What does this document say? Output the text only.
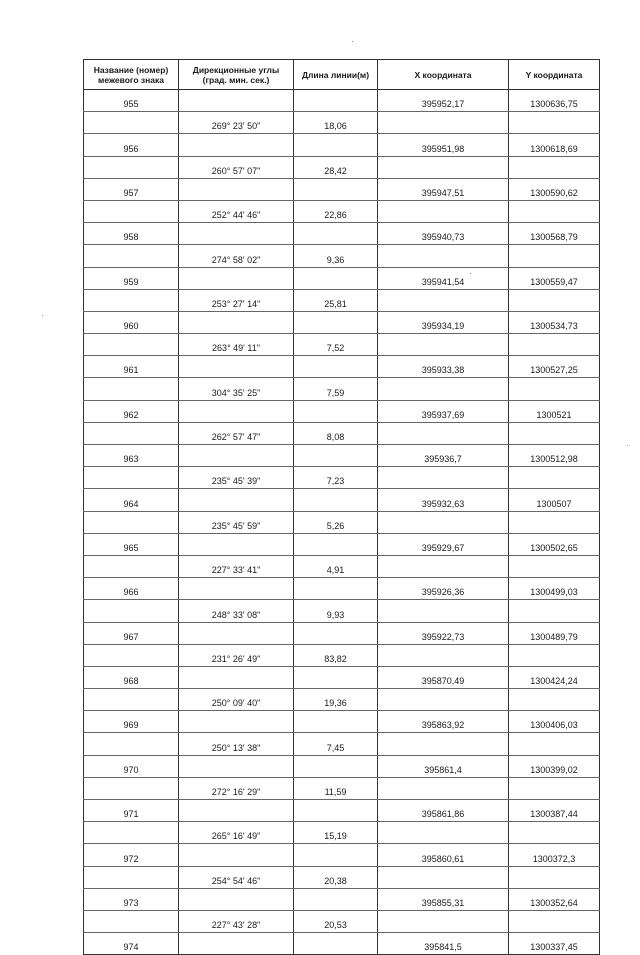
Название (номер) межевого знака	Дирекционные углы (град. мин. сек.)	Длина линии(м)	X координата	Y координата
955			395952,17	1300636,75
	269° 23' 50"	18,06		
956			395951,98	1300618,69
	260° 57' 07"	28,42		
957			395947,51	1300590,62
	252° 44' 46"	22,86		
958			395940,73	1300568,79
	274° 58' 02"	9,36		
959			395941,54	1300559,47
	253° 27' 14"	25,81		
960			395934,19	1300534,73
	263° 49' 11"	7,52		
961			395933,38	1300527,25
	304° 35' 25"	7,59		
962			395937,69	1300521
	262° 57' 47"	8,08		
963			395936,7	1300512,98
	235° 45' 39"	7,23		
964			395932,63	1300507
	235° 45' 59"	5,26		
965			395929,67	1300502,65
	227° 33' 41"	4,91		
966			395926,36	1300499,03
	248° 33' 08"	9,93		
967			395922,73	1300489,79
	231° 26' 49"	83,82		
968			395870,49	1300424,24
	250° 09' 40"	19,36		
969			395863,92	1300406,03
	250° 13' 38"	7,45		
970			395861,4	1300399,02
	272° 16' 29"	11,59		
971			395861,86	1300387,44
	265° 16' 49"	15,19		
972			395860,61	1300372,3
	254° 54' 46"	20,38		
973			395855,31	1300352,64
	227° 43' 28"	20,53		
974			395841,5	1300337,45
